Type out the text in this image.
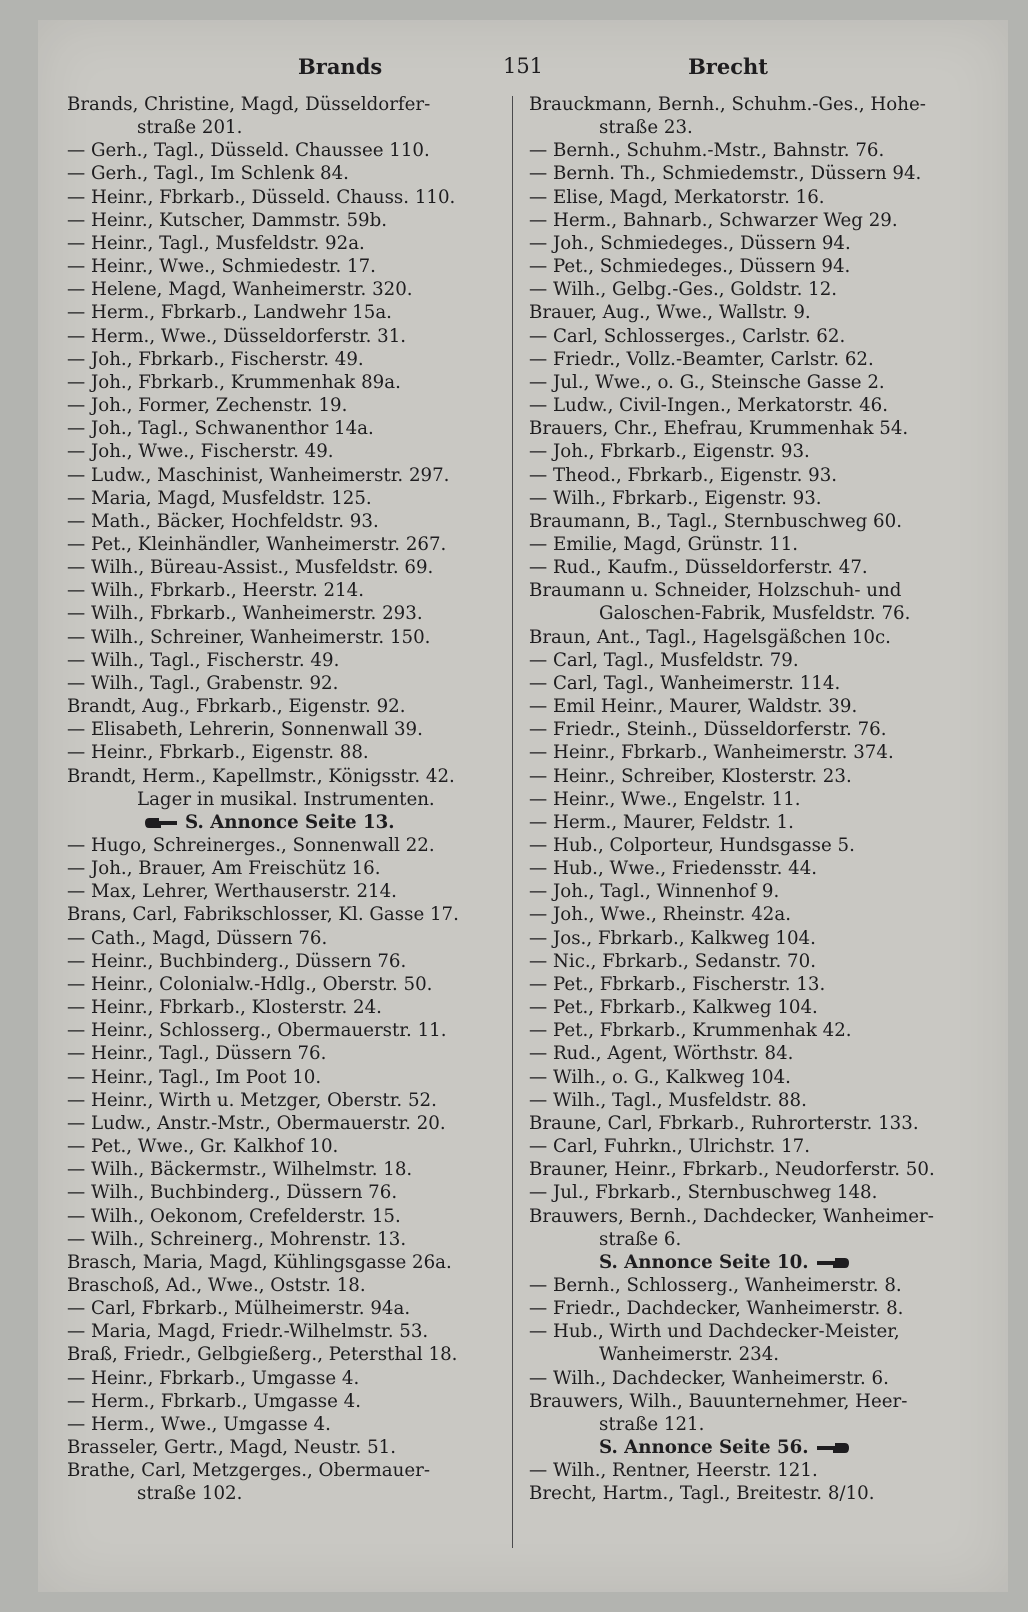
Brands	151	Brecht
Brands, Christine, Magd, Düsseldorfer-
straße 201.
— Gerh., Tagl., Düsseld. Chaussee 110.
— Gerh., Tagl., Im Schlenk 84.
— Heinr., Fbrkarb., Düsseld. Chauss. 110.
— Heinr., Kutscher, Dammstr. 59b.
— Heinr., Tagl., Musfeldstr. 92a.
— Heinr., Wwe., Schmiedestr. 17.
— Helene, Magd, Wanheimerstr. 320.
— Herm., Fbrkarb., Landwehr 15a.
— Herm., Wwe., Düsseldorferstr. 31.
— Joh., Fbrkarb., Fischerstr. 49.
— Joh., Fbrkarb., Krummenhak 89a.
— Joh., Former, Zechenstr. 19.
— Joh., Tagl., Schwanenthor 14a.
— Joh., Wwe., Fischerstr. 49.
— Ludw., Maschinist, Wanheimerstr. 297.
— Maria, Magd, Musfeldstr. 125.
— Math., Bäcker, Hochfeldstr. 93.
— Pet., Kleinhändler, Wanheimerstr. 267.
— Wilh., Büreau-Assist., Musfeldstr. 69.
— Wilh., Fbrkarb., Heerstr. 214.
— Wilh., Fbrkarb., Wanheimerstr. 293.
— Wilh., Schreiner, Wanheimerstr. 150.
— Wilh., Tagl., Fischerstr. 49.
— Wilh., Tagl., Grabenstr. 92.
Brandt, Aug., Fbrkarb., Eigenstr. 92.
— Elisabeth, Lehrerin, Sonnenwall 39.
— Heinr., Fbrkarb., Eigenstr. 88.
Brandt, Herm., Kapellmstr., Königsstr. 42.
Lager in musikal. Instrumenten.
S. Annonce Seite 13.
— Hugo, Schreinerges., Sonnenwall 22.
— Joh., Brauer, Am Freischütz 16.
— Max, Lehrer, Werthauserstr. 214.
Brans, Carl, Fabrikschlosser, Kl. Gasse 17.
— Cath., Magd, Düssern 76.
— Heinr., Buchbinderg., Düssern 76.
— Heinr., Colonialw.-Hdlg., Oberstr. 50.
— Heinr., Fbrkarb., Klosterstr. 24.
— Heinr., Schlosserg., Obermauerstr. 11.
— Heinr., Tagl., Düssern 76.
— Heinr., Tagl., Im Poot 10.
— Heinr., Wirth u. Metzger, Oberstr. 52.
— Ludw., Anstr.-Mstr., Obermauerstr. 20.
— Pet., Wwe., Gr. Kalkhof 10.
— Wilh., Bäckermstr., Wilhelmstr. 18.
— Wilh., Buchbinderg., Düssern 76.
— Wilh., Oekonom, Crefelderstr. 15.
— Wilh., Schreinerg., Mohrenstr. 13.
Brasch, Maria, Magd, Kühlingsgasse 26a.
Braschoß, Ad., Wwe., Oststr. 18.
— Carl, Fbrkarb., Mülheimerstr. 94a.
— Maria, Magd, Friedr.-Wilhelmstr. 53.
Braß, Friedr., Gelbgießerg., Petersthal 18.
— Heinr., Fbrkarb., Umgasse 4.
— Herm., Fbrkarb., Umgasse 4.
— Herm., Wwe., Umgasse 4.
Brasseler, Gertr., Magd, Neustr. 51.
Brathe, Carl, Metzgerges., Obermauer-
straße 102.
Brauckmann, Bernh., Schuhm.-Ges., Hohe-
straße 23.
— Bernh., Schuhm.-Mstr., Bahnstr. 76.
— Bernh. Th., Schmiedemstr., Düssern 94.
— Elise, Magd, Merkatorstr. 16.
— Herm., Bahnarb., Schwarzer Weg 29.
— Joh., Schmiedeges., Düssern 94.
— Pet., Schmiedeges., Düssern 94.
— Wilh., Gelbg.-Ges., Goldstr. 12.
Brauer, Aug., Wwe., Wallstr. 9.
— Carl, Schlosserges., Carlstr. 62.
— Friedr., Vollz.-Beamter, Carlstr. 62.
— Jul., Wwe., o. G., Steinsche Gasse 2.
— Ludw., Civil-Ingen., Merkatorstr. 46.
Brauers, Chr., Ehefrau, Krummenhak 54.
— Joh., Fbrkarb., Eigenstr. 93.
— Theod., Fbrkarb., Eigenstr. 93.
— Wilh., Fbrkarb., Eigenstr. 93.
Braumann, B., Tagl., Sternbuschweg 60.
— Emilie, Magd, Grünstr. 11.
— Rud., Kaufm., Düsseldorferstr. 47.
Braumann u. Schneider, Holzschuh- und
Galoschen-Fabrik, Musfeldstr. 76.
Braun, Ant., Tagl., Hagelsgäßchen 10c.
— Carl, Tagl., Musfeldstr. 79.
— Carl, Tagl., Wanheimerstr. 114.
— Emil Heinr., Maurer, Waldstr. 39.
— Friedr., Steinh., Düsseldorferstr. 76.
— Heinr., Fbrkarb., Wanheimerstr. 374.
— Heinr., Schreiber, Klosterstr. 23.
— Heinr., Wwe., Engelstr. 11.
— Herm., Maurer, Feldstr. 1.
— Hub., Colporteur, Hundsgasse 5.
— Hub., Wwe., Friedensstr. 44.
— Joh., Tagl., Winnenhof 9.
— Joh., Wwe., Rheinstr. 42a.
— Jos., Fbrkarb., Kalkweg 104.
— Nic., Fbrkarb., Sedanstr. 70.
— Pet., Fbrkarb., Fischerstr. 13.
— Pet., Fbrkarb., Kalkweg 104.
— Pet., Fbrkarb., Krummenhak 42.
— Rud., Agent, Wörthstr. 84.
— Wilh., o. G., Kalkweg 104.
— Wilh., Tagl., Musfeldstr. 88.
Braune, Carl, Fbrkarb., Ruhrorterstr. 133.
— Carl, Fuhrkn., Ulrichstr. 17.
Brauner, Heinr., Fbrkarb., Neudorferstr. 50.
— Jul., Fbrkarb., Sternbuschweg 148.
Brauwers, Bernh., Dachdecker, Wanheimer-
straße 6.
S. Annonce Seite 10.
— Bernh., Schlosserg., Wanheimerstr. 8.
— Friedr., Dachdecker, Wanheimerstr. 8.
— Hub., Wirth und Dachdecker-Meister,
Wanheimerstr. 234.
— Wilh., Dachdecker, Wanheimerstr. 6.
Brauwers, Wilh., Bauunternehmer, Heer-
straße 121.
S. Annonce Seite 56.
— Wilh., Rentner, Heerstr. 121.
Brecht, Hartm., Tagl., Breitestr. 8/10.
